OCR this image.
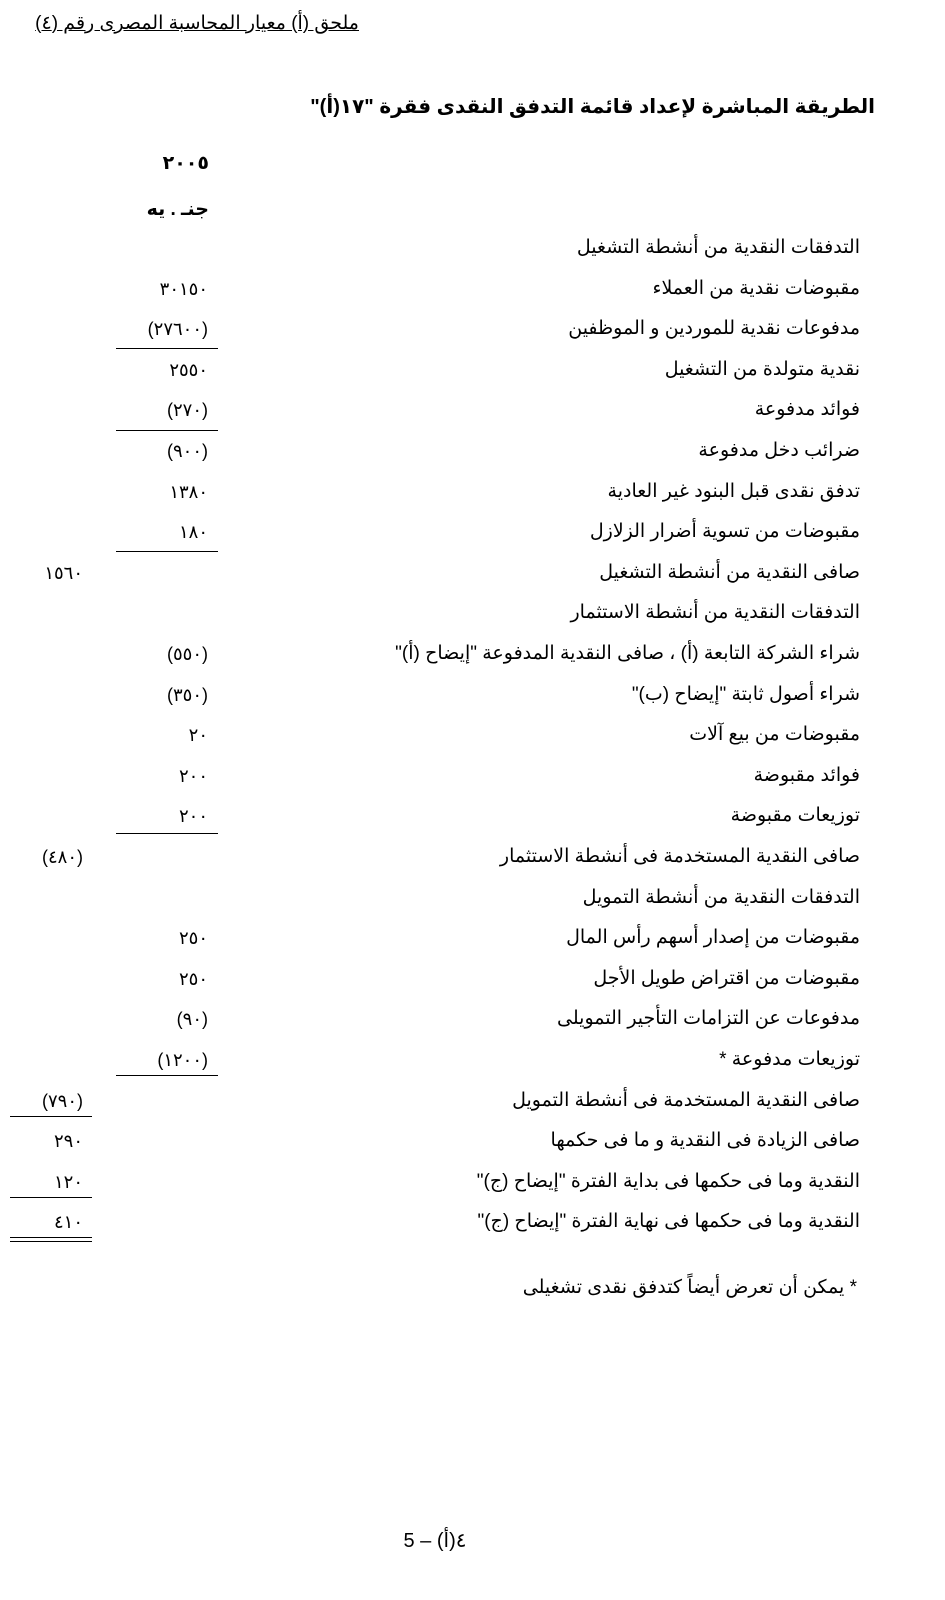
ملحق (أ) معيار المحاسبة المصرى رقم (٤)
الطريقة المباشرة لإعداد قائمة التدفق النقدى فقرة "١٧(أ)"
٢٠٠٥
جنـ . يه
التدفقات النقدية من أنشطة التشغيل
مقبوضات نقدية من العملاء
٣٠١٥٠
مدفوعات نقدية للموردين و الموظفين
(٢٧٦٠٠)
نقدية متولدة من التشغيل
٢٥٥٠
فوائد مدفوعة
(٢٧٠)
ضرائب دخل مدفوعة
(٩٠٠)
تدفق نقدى قبل البنود غير العادية
١٣٨٠
مقبوضات من تسوية أضرار الزلازل
١٨٠
صافى النقدية من أنشطة التشغيل
١٥٦٠
التدفقات النقدية من أنشطة الاستثمار
شراء الشركة التابعة (أ) ، صافى النقدية المدفوعة "إيضاح (أ)"
(٥٥٠)
شراء أصول ثابتة "إيضاح (ب)"
(٣٥٠)
مقبوضات من بيع آلات
٢٠
فوائد مقبوضة
٢٠٠
توزيعات مقبوضة
٢٠٠
صافى النقدية المستخدمة فى أنشطة الاستثمار
(٤٨٠)
التدفقات النقدية من أنشطة التمويل
مقبوضات من إصدار أسهم رأس المال
٢٥٠
مقبوضات من اقتراض طويل الأجل
٢٥٠
مدفوعات عن التزامات التأجير التمويلى
(٩٠)
توزيعات مدفوعة *
(١٢٠٠)
صافى النقدية المستخدمة فى أنشطة التمويل
(٧٩٠)
صافى الزيادة فى النقدية و ما فى حكمها
٢٩٠
النقدية وما فى حكمها فى بداية الفترة "إيضاح (ج)"
١٢٠
النقدية وما فى حكمها فى نهاية الفترة "إيضاح (ج)"
٤١٠
* يمكن أن تعرض أيضاً كتدفق نقدى تشغيلى
٤(أ) – 5
